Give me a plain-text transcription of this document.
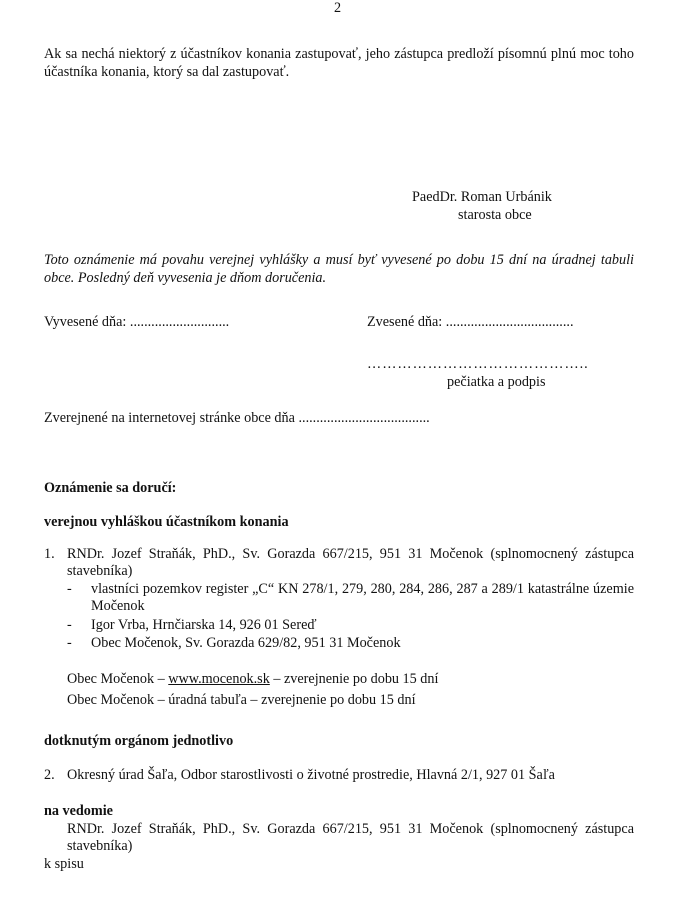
2
Ak sa nechá niektorý z účastníkov konania zastupovať, jeho zástupca predloží písomnú plnú moc toho účastníka konania, ktorý sa dal zastupovať.
PaedDr. Roman Urbánik
starosta obce
Toto oznámenie má povahu verejnej vyhlášky a musí byť vyvesené po dobu 15 dní na úradnej tabuli obce. Posledný deň vyvesenia je dňom doručenia.
Vyvesené dňa: ............................	Zvesené dňa: ....................................
……………………………………..
pečiatka a podpis
Zverejnené na internetovej stránke obce dňa .....................................
Oznámenie sa doručí:
verejnou vyhláškou účastníkom konania
1. RNDr. Jozef Straňák, PhD., Sv. Gorazda 667/215, 951 31 Močenok (splnomocnený zástupca stavebníka)
- vlastníci pozemkov register „C“ KN 278/1, 279, 280, 284, 286, 287 a 289/1 katastrálne územie Močenok
- Igor Vrba, Hrnčiarska 14, 926 01 Sereď
- Obec Močenok, Sv. Gorazda 629/82, 951 31 Močenok
Obec Močenok – www.mocenok.sk – zverejnenie po dobu 15 dní
Obec Močenok – úradná tabuľa – zverejnenie po dobu 15 dní
dotknutým orgánom jednotlivo
2. Okresný úrad Šaľa, Odbor starostlivosti o životné prostredie, Hlavná 2/1, 927 01 Šaľa
na vedomie
RNDr. Jozef Straňák, PhD., Sv. Gorazda 667/215, 951 31 Močenok (splnomocnený zástupca stavebníka)
k spisu
